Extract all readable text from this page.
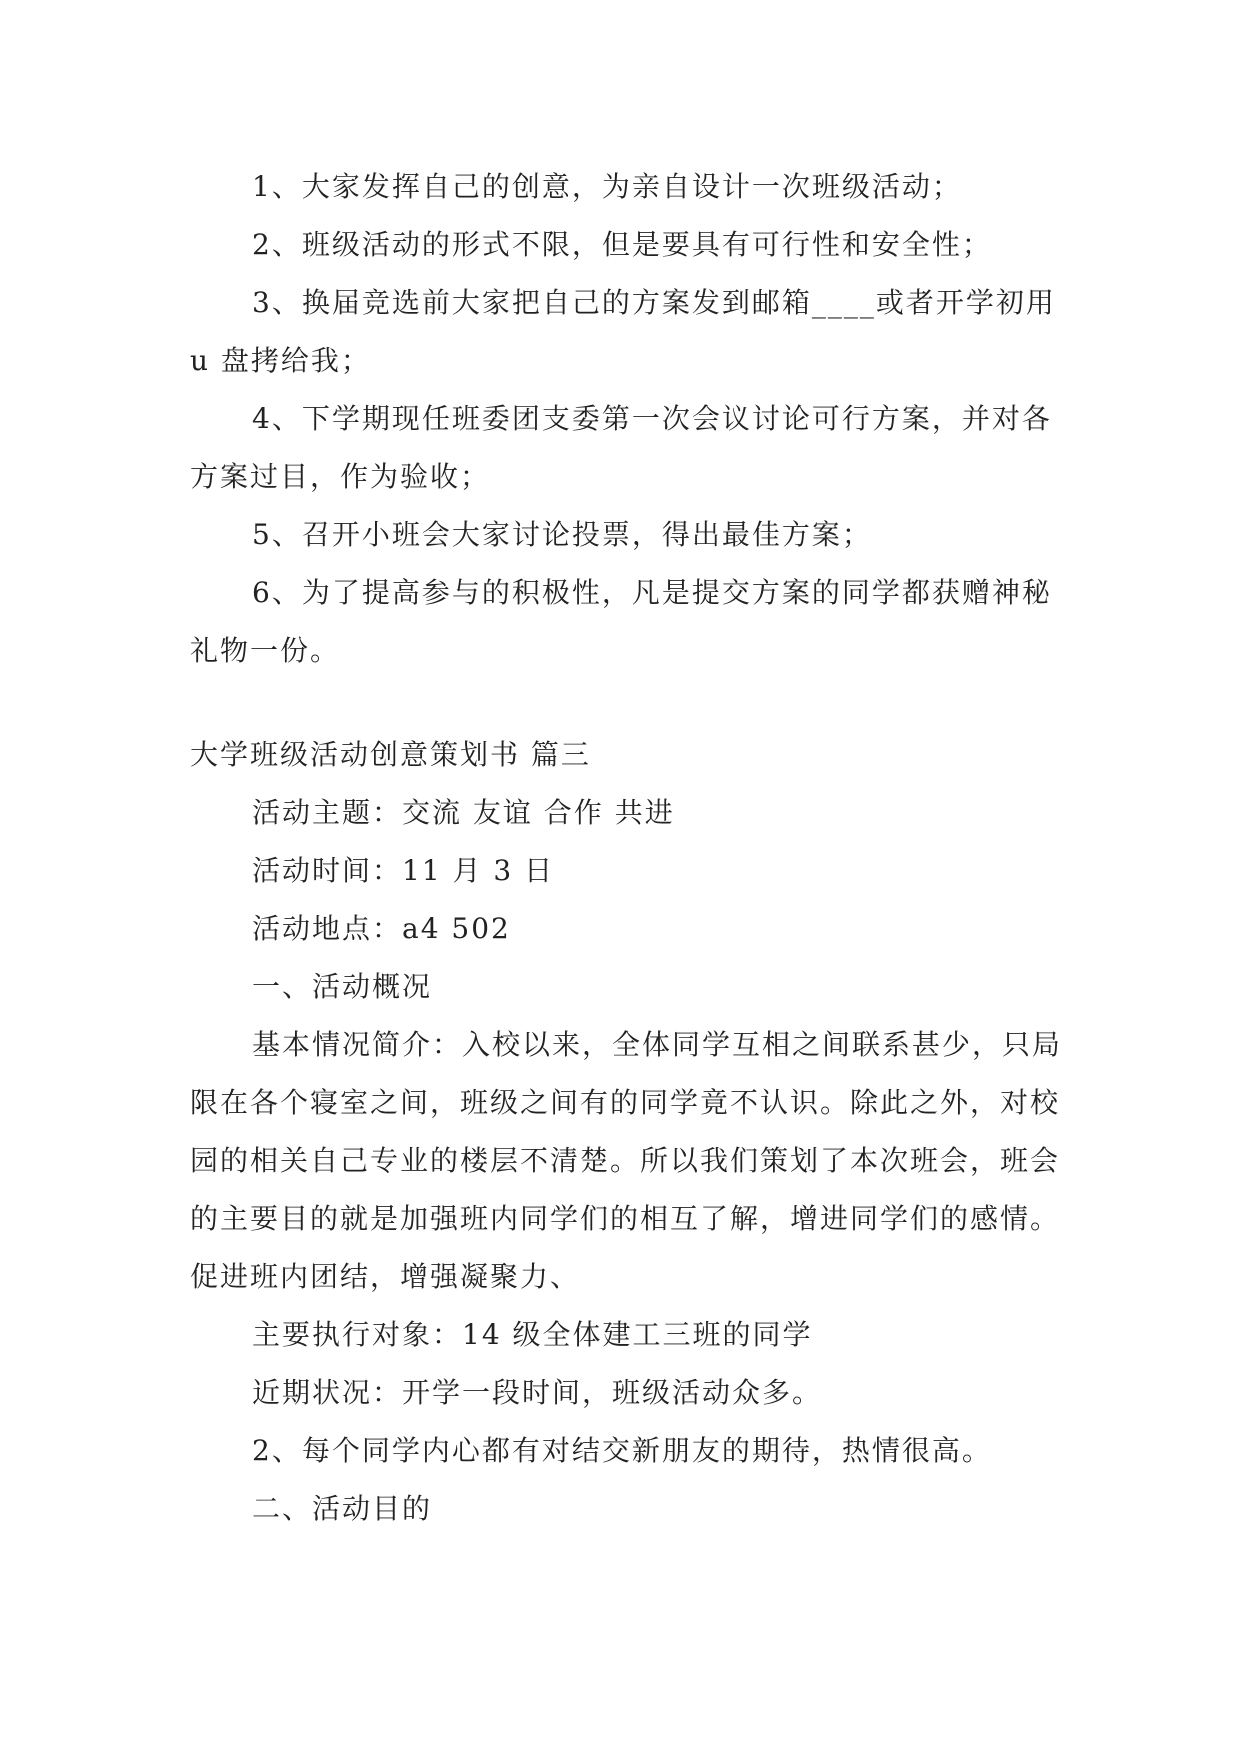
1、大家发挥自己的创意，为亲自设计一次班级活动；

2、班级活动的形式不限，但是要具有可行性和安全性；

3、换届竞选前大家把自己的方案发到邮箱____或者开学初用 u 盘拷给我；

4、下学期现任班委团支委第一次会议讨论可行方案，并对各方案过目，作为验收；

5、召开小班会大家讨论投票，得出最佳方案；

6、为了提高参与的积极性，凡是提交方案的同学都获赠神秘礼物一份。

大学班级活动创意策划书 篇三

活动主题：交流 友谊 合作 共进

活动时间：11 月 3 日

活动地点：a4 502

一、活动概况

基本情况简介：入校以来，全体同学互相之间联系甚少，只局限在各个寝室之间，班级之间有的同学竟不认识。除此之外，对校园的相关自己专业的楼层不清楚。所以我们策划了本次班会，班会的主要目的就是加强班内同学们的相互了解，增进同学们的感情。促进班内团结，增强凝聚力、

主要执行对象：14 级全体建工三班的同学

近期状况：开学一段时间，班级活动众多。

2、每个同学内心都有对结交新朋友的期待，热情很高。

二、活动目的
